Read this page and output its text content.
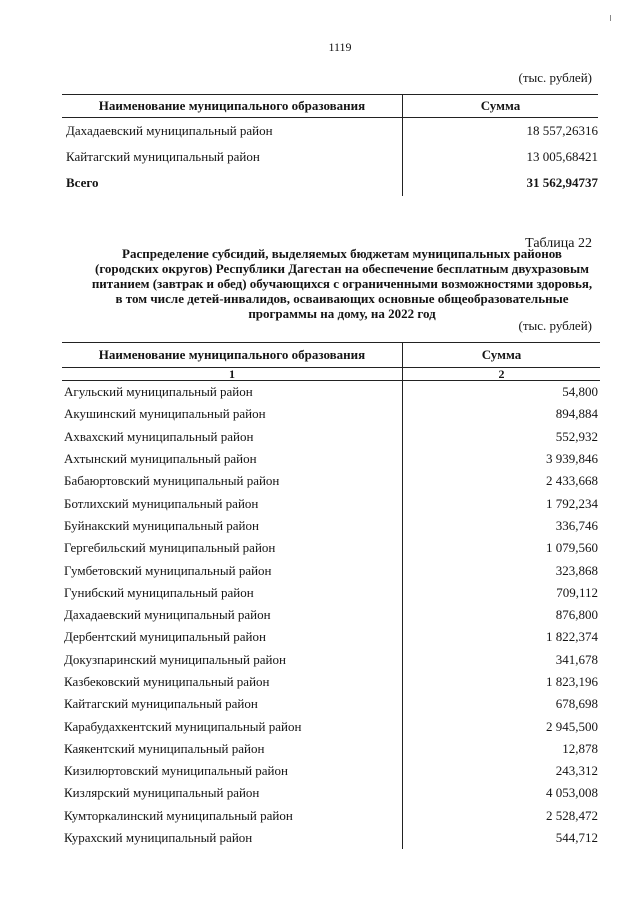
1119
(тыс. рублей)
Наименование муниципального образования	Сумма
Дахадаевский муниципальный район	18 557,26316
Кайтагский муниципальный район	13 005,68421
Всего	31 562,94737
Таблица 22
Распределение субсидий, выделяемых бюджетам муниципальных районов
(городских округов) Республики Дагестан на обеспечение бесплатным двухразовым
питанием (завтрак и обед) обучающихся с ограниченными возможностями здоровья,
в том числе детей-инвалидов, осваивающих основные общеобразовательные
программы на дому, на 2022 год
(тыс. рублей)
Наименование муниципального образования	Сумма
1	2
Агульский муниципальный район	54,800
Акушинский муниципальный район	894,884
Ахвахский муниципальный район	552,932
Ахтынский муниципальный район	3 939,846
Бабаюртовский муниципальный район	2 433,668
Ботлихский муниципальный район	1 792,234
Буйнакский муниципальный район	336,746
Гергебильский муниципальный район	1 079,560
Гумбетовский муниципальный район	323,868
Гунибский муниципальный район	709,112
Дахадаевский муниципальный район	876,800
Дербентский муниципальный район	1 822,374
Докузпаринский муниципальный район	341,678
Казбековский муниципальный район	1 823,196
Кайтагский муниципальный район	678,698
Карабудахкентский муниципальный район	2 945,500
Каякентский муниципальный район	12,878
Кизилюртовский муниципальный район	243,312
Кизлярский муниципальный район	4 053,008
Кумторкалинский муниципальный район	2 528,472
Курахский муниципальный район	544,712
